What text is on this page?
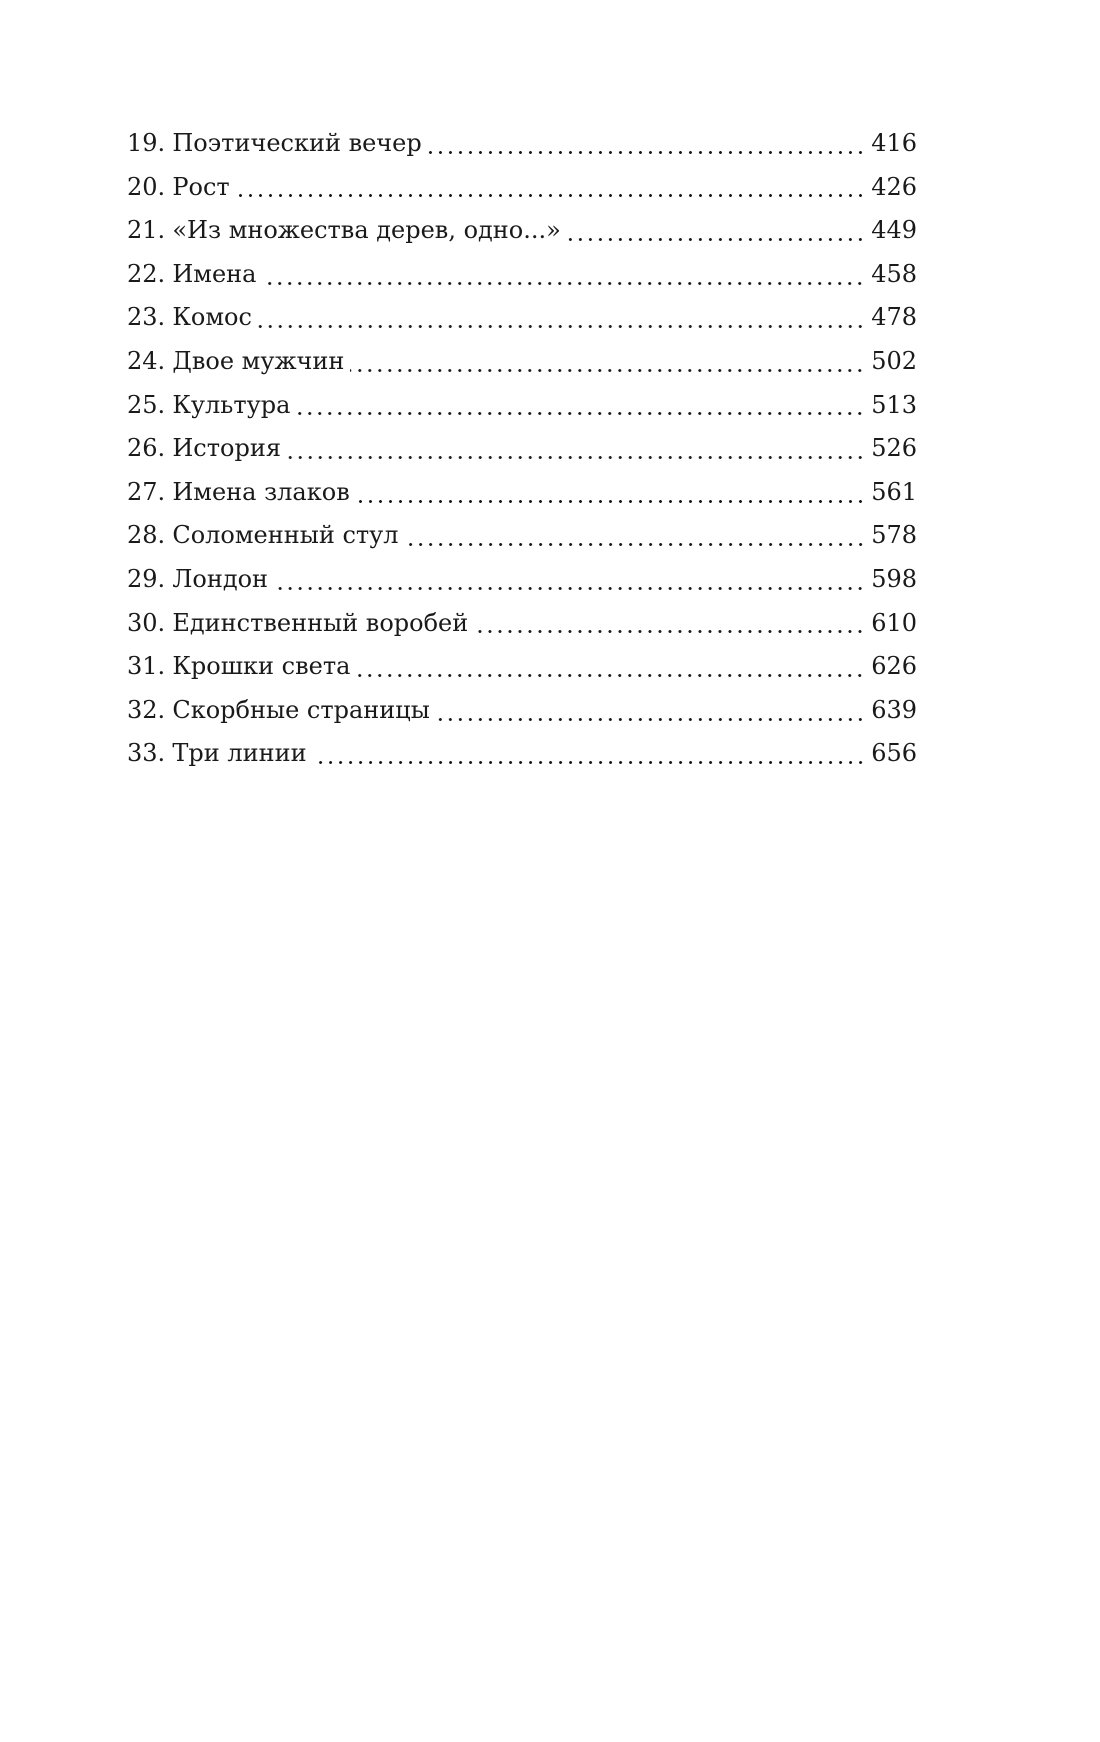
19. Поэтический вечер	416
20. Рост	426
21. «Из множества дерев, одно...»	449
22. Имена	458
23. Комос	478
24. Двое мужчин	502
25. Культура	513
26. История	526
27. Имена злаков	561
28. Соломенный стул	578
29. Лондон	598
30. Единственный воробей	610
31. Крошки света	626
32. Скорбные страницы	639
33. Три линии	656
